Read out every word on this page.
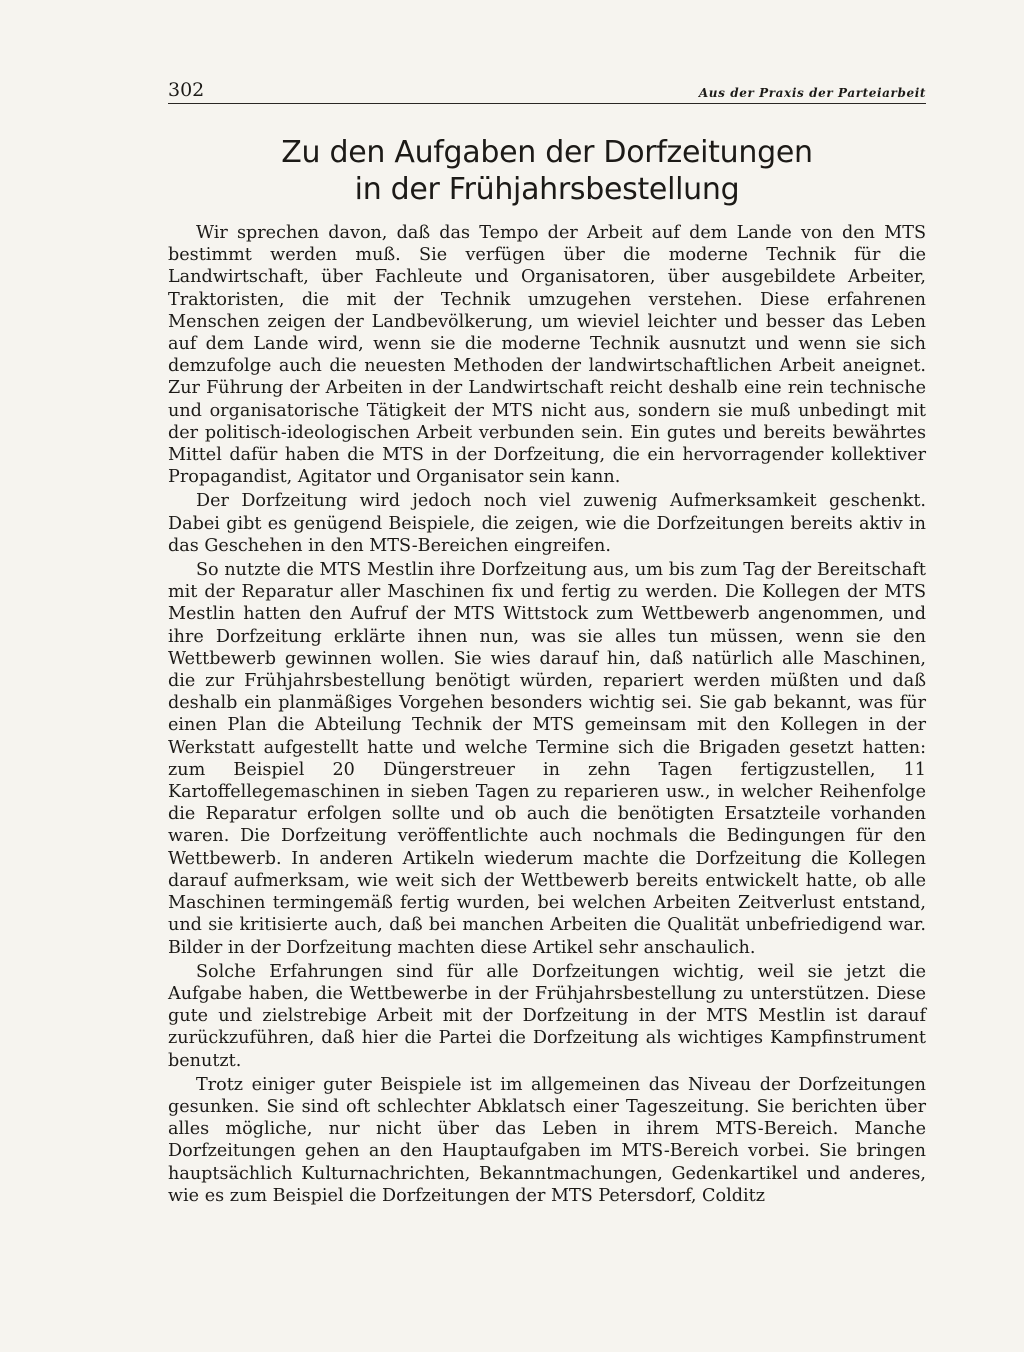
302	Aus der Praxis der Parteiarbeit
Zu den Aufgaben der Dorfzeitungen
in der Frühjahrsbestellung

Wir sprechen davon, daß das Tempo der Arbeit auf dem Lande von den MTS bestimmt werden muß. Sie verfügen über die moderne Technik für die Landwirtschaft, über Fachleute und Organisatoren, über ausgebildete Arbeiter, Traktoristen, die mit der Technik umzugehen verstehen. Diese erfahrenen Menschen zeigen der Landbevölkerung, um wieviel leichter und besser das Leben auf dem Lande wird, wenn sie die moderne Technik ausnutzt und wenn sie sich demzufolge auch die neuesten Methoden der landwirtschaftlichen Arbeit aneignet. Zur Führung der Arbeiten in der Landwirtschaft reicht deshalb eine rein technische und organisatorische Tätigkeit der MTS nicht aus, sondern sie muß unbedingt mit der politisch-ideologischen Arbeit verbunden sein. Ein gutes und bereits bewährtes Mittel dafür haben die MTS in der Dorfzeitung, die ein hervorragender kollektiver Propagandist, Agitator und Organisator sein kann.

Der Dorfzeitung wird jedoch noch viel zuwenig Aufmerksamkeit geschenkt. Dabei gibt es genügend Beispiele, die zeigen, wie die Dorfzeitungen bereits aktiv in das Geschehen in den MTS-Bereichen eingreifen.

So nutzte die MTS Mestlin ihre Dorfzeitung aus, um bis zum Tag der Bereitschaft mit der Reparatur aller Maschinen fix und fertig zu werden. Die Kollegen der MTS Mestlin hatten den Aufruf der MTS Wittstock zum Wettbewerb angenommen, und ihre Dorfzeitung erklärte ihnen nun, was sie alles tun müssen, wenn sie den Wettbewerb gewinnen wollen. Sie wies darauf hin, daß natürlich alle Maschinen, die zur Frühjahrsbestellung benötigt würden, repariert werden müßten und daß deshalb ein planmäßiges Vorgehen besonders wichtig sei. Sie gab bekannt, was für einen Plan die Abteilung Technik der MTS gemeinsam mit den Kollegen in der Werkstatt aufgestellt hatte und welche Termine sich die Brigaden gesetzt hatten: zum Beispiel 20 Düngerstreuer in zehn Tagen fertigzustellen, 11 Kartoffellegemaschinen in sieben Tagen zu reparieren usw., in welcher Reihenfolge die Reparatur erfolgen sollte und ob auch die benötigten Ersatzteile vorhanden waren. Die Dorfzeitung veröffentlichte auch nochmals die Bedingungen für den Wettbewerb. In anderen Artikeln wiederum machte die Dorfzeitung die Kollegen darauf aufmerksam, wie weit sich der Wettbewerb bereits entwickelt hatte, ob alle Maschinen termingemäß fertig wurden, bei welchen Arbeiten Zeitverlust entstand, und sie kritisierte auch, daß bei manchen Arbeiten die Qualität unbefriedigend war. Bilder in der Dorfzeitung machten diese Artikel sehr anschaulich.

Solche Erfahrungen sind für alle Dorfzeitungen wichtig, weil sie jetzt die Aufgabe haben, die Wettbewerbe in der Frühjahrsbestellung zu unterstützen. Diese gute und zielstrebige Arbeit mit der Dorfzeitung in der MTS Mestlin ist darauf zurückzuführen, daß hier die Partei die Dorfzeitung als wichtiges Kampfinstrument benutzt.

Trotz einiger guter Beispiele ist im allgemeinen das Niveau der Dorfzeitungen gesunken. Sie sind oft schlechter Abklatsch einer Tageszeitung. Sie berichten über alles mögliche, nur nicht über das Leben in ihrem MTS-Bereich. Manche Dorfzeitungen gehen an den Hauptaufgaben im MTS-Bereich vorbei. Sie bringen hauptsächlich Kulturnachrichten, Bekanntmachungen, Gedenkartikel und anderes, wie es zum Beispiel die Dorfzeitungen der MTS Petersdorf, Colditz
